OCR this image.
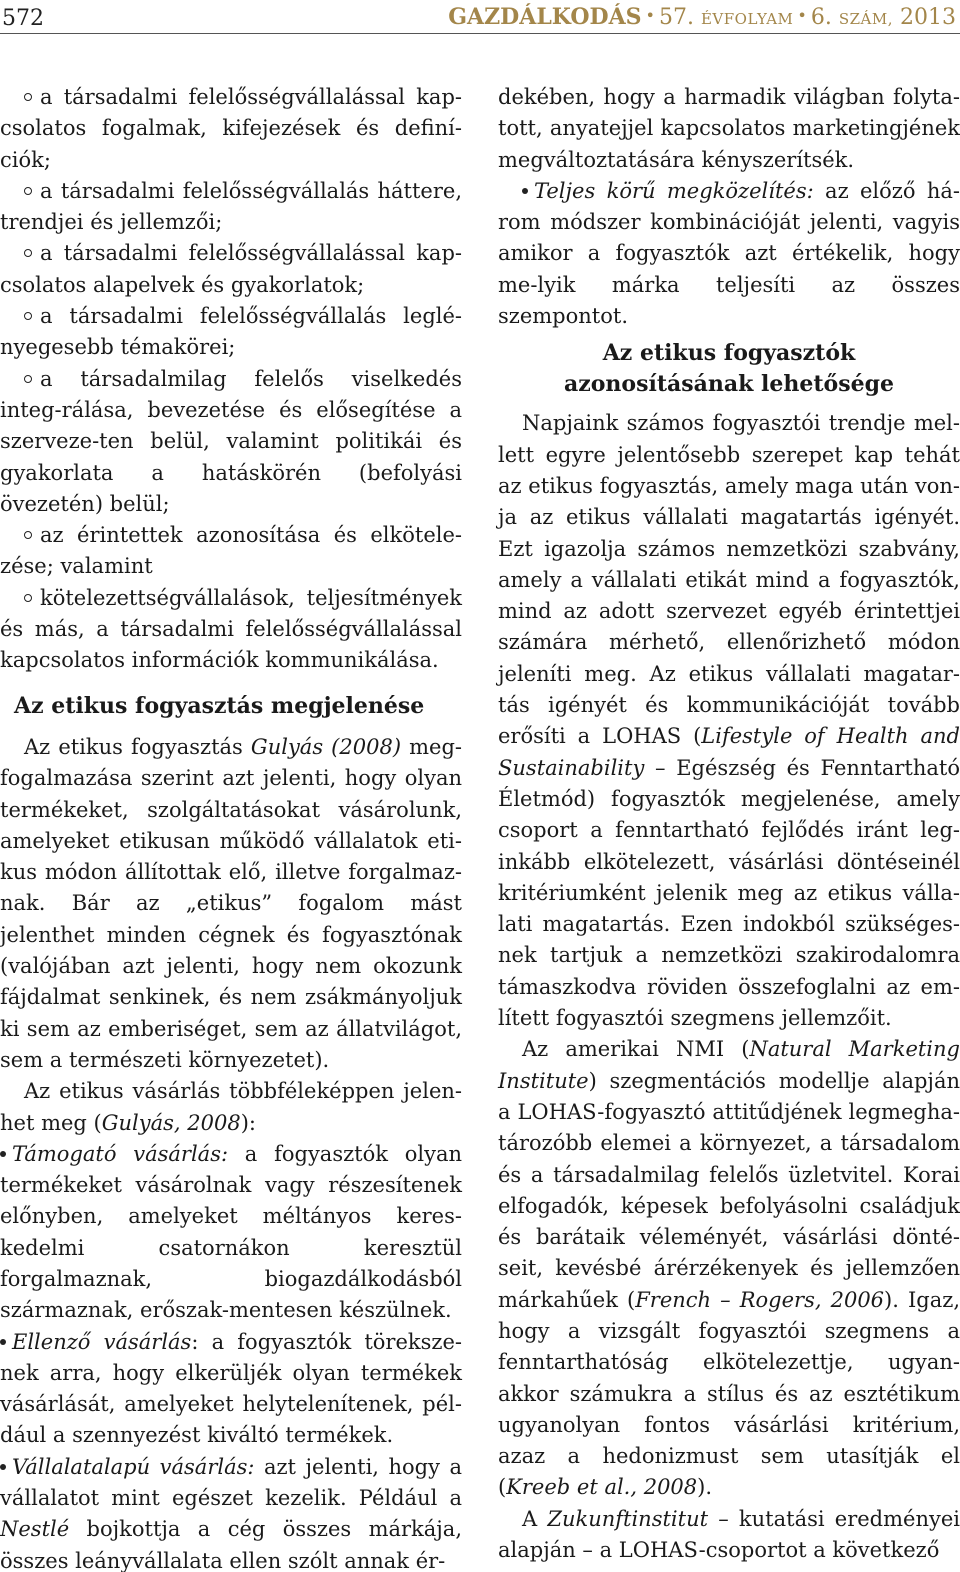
572	GAZDÁLKODÁS • 57. ÉVFOLYAM • 6. SZÁM, 2013

a társadalmi felelősségvállalással kap-csolatos fogalmak, kifejezések és definí-ciók;

a társadalmi felelősségvállalás háttere, trendjei és jellemzői;

a társadalmi felelősségvállalással kap-csolatos alapelvek és gyakorlatok;

a társadalmi felelősségvállalás leglé-nyegesebb témakörei;

a társadalmilag felelős viselkedés integ-rálása, bevezetése és elősegítése a szerveze-ten belül, valamint politikái és gyakorlata a hatáskörén (befolyási övezetén) belül;

az érintettek azonosítása és elkötele-zése; valamint

kötelezettségvállalások, teljesítmények és más, a társadalmi felelősségvállalással kapcsolatos információk kommunikálása.

Az etikus fogyasztás megjelenése

Az etikus fogyasztás Gulyás (2008) meg-fogalmazása szerint azt jelenti, hogy olyan termékeket, szolgáltatásokat vásárolunk, amelyeket etikusan működő vállalatok eti-kus módon állítottak elő, illetve forgalmaz-nak. Bár az „etikus” fogalom mást jelenthet minden cégnek és fogyasztónak (valójában azt jelenti, hogy nem okozunk fájdalmat senkinek, és nem zsákmányoljuk ki sem az emberiséget, sem az állatvilágot, sem a természeti környezetet).

Az etikus vásárlás többféleképpen jelen-het meg (Gulyás, 2008):

Támogató vásárlás: a fogyasztók olyan termékeket vásárolnak vagy részesítenek előnyben, amelyeket méltányos keres-kedelmi csatornákon keresztül forgalmaznak, biogazdálkodásból származnak, erőszak-mentesen készülnek.

Ellenző vásárlás: a fogyasztók töreksze-nek arra, hogy elkerüljék olyan termékek vásárlását, amelyeket helytelenítenek, pél-dául a szennyezést kiváltó termékek.

Vállalatalapú vásárlás: azt jelenti, hogy a vállalatot mint egészet kezelik. Például a Nestlé bojkottja a cég összes márkája, összes leányvállalata ellen szólt annak ér-

dekében, hogy a harmadik világban folyta-tott, anyatejjel kapcsolatos marketingjének megváltoztatására kényszerítsék.

Teljes körű megközelítés: az előző há-rom módszer kombinációját jelenti, vagyis amikor a fogyasztók azt értékelik, hogy me-lyik márka teljesíti az összes szempontot.

Az etikus fogyasztók
azonosításának lehetősége

Napjaink számos fogyasztói trendje mel-lett egyre jelentősebb szerepet kap tehát az etikus fogyasztás, amely maga után von-ja az etikus vállalati magatartás igényét. Ezt igazolja számos nemzetközi szabvány, amely a vállalati etikát mind a fogyasztók, mind az adott szervezet egyéb érintettjei számára mérhető, ellenőrizhető módon jeleníti meg. Az etikus vállalati magatar-tás igényét és kommunikációját tovább erősíti a LOHAS (Lifestyle of Health and Sustainability – Egészség és Fenntartható Életmód) fogyasztók megjelenése, amely csoport a fenntartható fejlődés iránt leg-inkább elkötelezett, vásárlási döntéseinél kritériumként jelenik meg az etikus válla-lati magatartás. Ezen indokból szükséges-nek tartjuk a nemzetközi szakirodalomra támaszkodva röviden összefoglalni az em-lített fogyasztói szegmens jellemzőit.

Az amerikai NMI (Natural Marketing Institute) szegmentációs modellje alapján a LOHAS-fogyasztó attitűdjének legmegha-tározóbb elemei a környezet, a társadalom és a társadalmilag felelős üzletvitel. Korai elfogadók, képesek befolyásolni családjuk és barátaik véleményét, vásárlási dönté-seit, kevésbé árérzékenyek és jellemzően márkahűek (French – Rogers, 2006). Igaz, hogy a vizsgált fogyasztói szegmens a fenntarthatóság elkötelezettje, ugyan-akkor számukra a stílus és az esztétikum ugyanolyan fontos vásárlási kritérium, azaz a hedonizmust sem utasítják el (Kreeb et al., 2008).

A Zukunftinstitut – kutatási eredményei alapján – a LOHAS-csoportot a következő
